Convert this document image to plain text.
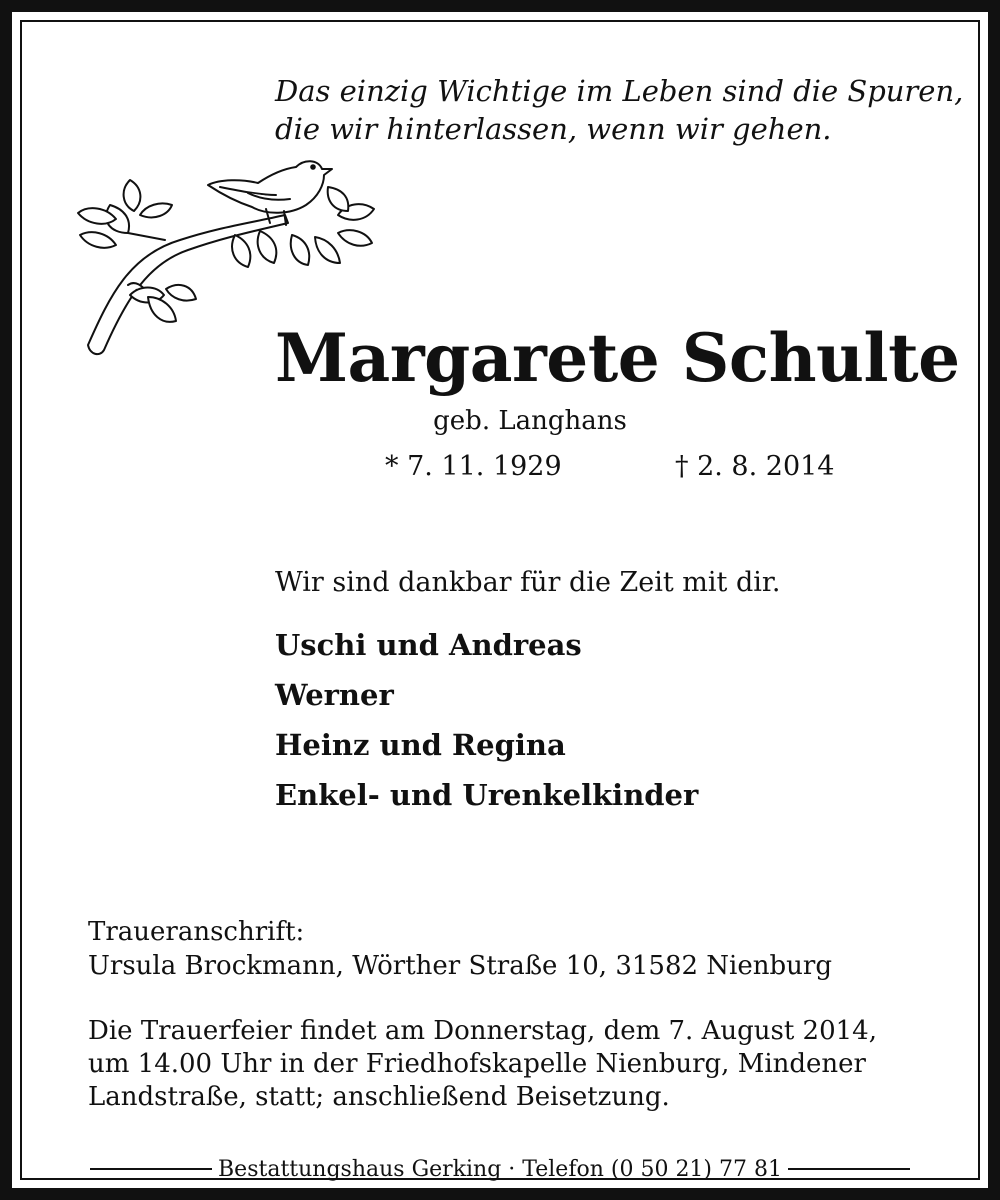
Das einzig Wichtige im Leben sind die Spuren,
die wir hinterlassen, wenn wir gehen.
Margarete Schulte
geb. Langhans
* 7. 11. 1929	† 2. 8. 2014
Wir sind dankbar für die Zeit mit dir.
Uschi und Andreas
Werner
Heinz und Regina
Enkel- und Urenkelkinder
Traueranschrift:
Ursula Brockmann, Wörther Straße 10, 31582 Nienburg
Die Trauerfeier findet am Donnerstag, dem 7. August 2014,
um 14.00 Uhr in der Friedhofskapelle Nienburg, Mindener
Landstraße, statt; anschließend Beisetzung.
Bestattungshaus Gerking · Telefon (0 50 21) 77 81
